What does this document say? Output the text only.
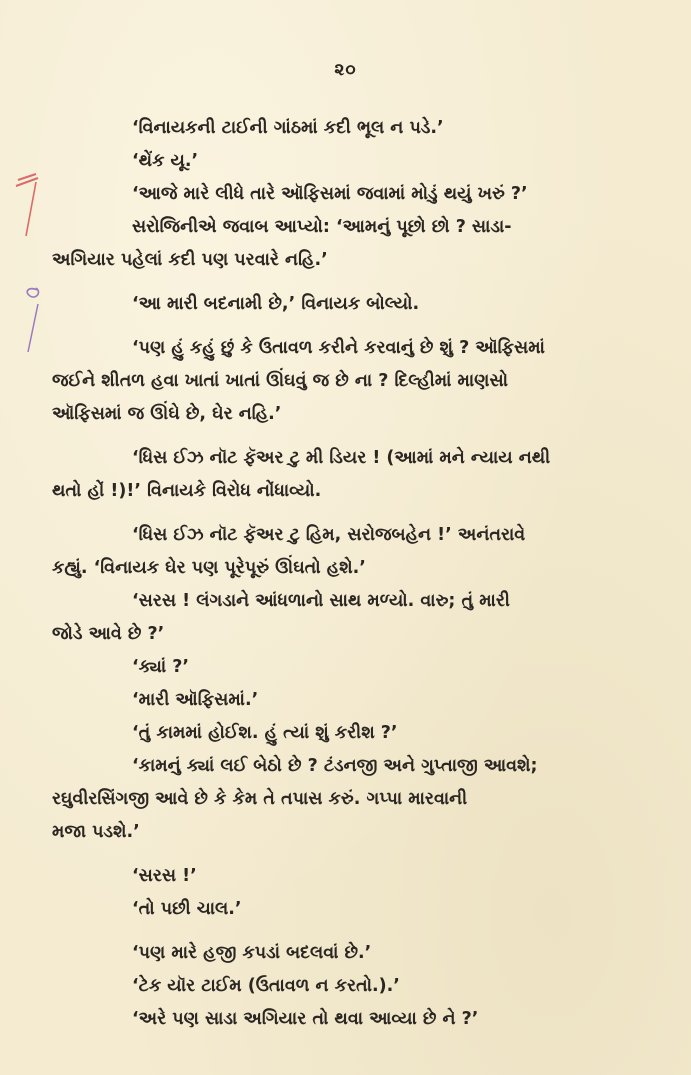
૨૦
‘વિનાયકની ટાઈની ગાંઠમાં કદી ભૂલ ન પડે.’
‘થેંક યૂ.’
‘આજે મારે લીધે તારે ઑફિસમાં જવામાં મોડું થયું ખરું ?’
સરોજિનીએ જવાબ આપ્યો: ‘આમનું પૂછો છો ? સાડા-
અગિયાર પહેલાં કદી પણ પરવારે નહિ.’
‘આ મારી બદનામી છે,’ વિનાયક બોલ્યો.
‘પણ હું કહું છું કે ઉતાવળ કરીને કરવાનું છે શું ? ઑફિસમાં
જઈને શીતળ હવા ખાતાં ખાતાં ઊંઘવું જ છે ના ? દિલ્હીમાં માણસો
ઑફિસમાં જ ઊંઘે છે, ઘેર નહિ.’
‘ધિસ ઈઝ નૉટ ફૅઅર ટુ મી ડિયર ! (આમાં મને ન્યાય નથી
થતો હોં !)!’ વિનાયકે વિરોધ નોંધાવ્યો.
‘ધિસ ઈઝ નૉટ ફૅઅર ટુ હિમ, સરોજબહેન !’ અનંતરાવે
કહ્યું. ‘વિનાયક ઘેર પણ પૂરેપૂરું ઊંઘતો હશે.’
‘સરસ ! લંગડાને આંધળાનો સાથ મળ્યો. વારુ; તું મારી
જોડે આવે છે ?’
‘ક્યાં ?’
‘મારી ઑફિસમાં.’
‘તું કામમાં હોઈશ. હું ત્યાં શું કરીશ ?’
‘કામનું ક્યાં લઈ બેઠો છે ? ટંડનજી અને ગુપ્તાજી આવશે;
રઘુવીરસિંગજી આવે છે કે કેમ તે તપાસ કરું. ગપ્પા મારવાની
મજા પડશે.’
‘સરસ !’
‘તો પછી ચાલ.’
‘પણ મારે હજી કપડાં બદલવાં છે.’
‘ટેક યૉર ટાઈમ (ઉતાવળ ન કરતો.).’
‘અરે પણ સાડા અગિયાર તો થવા આવ્યા છે ને ?’
